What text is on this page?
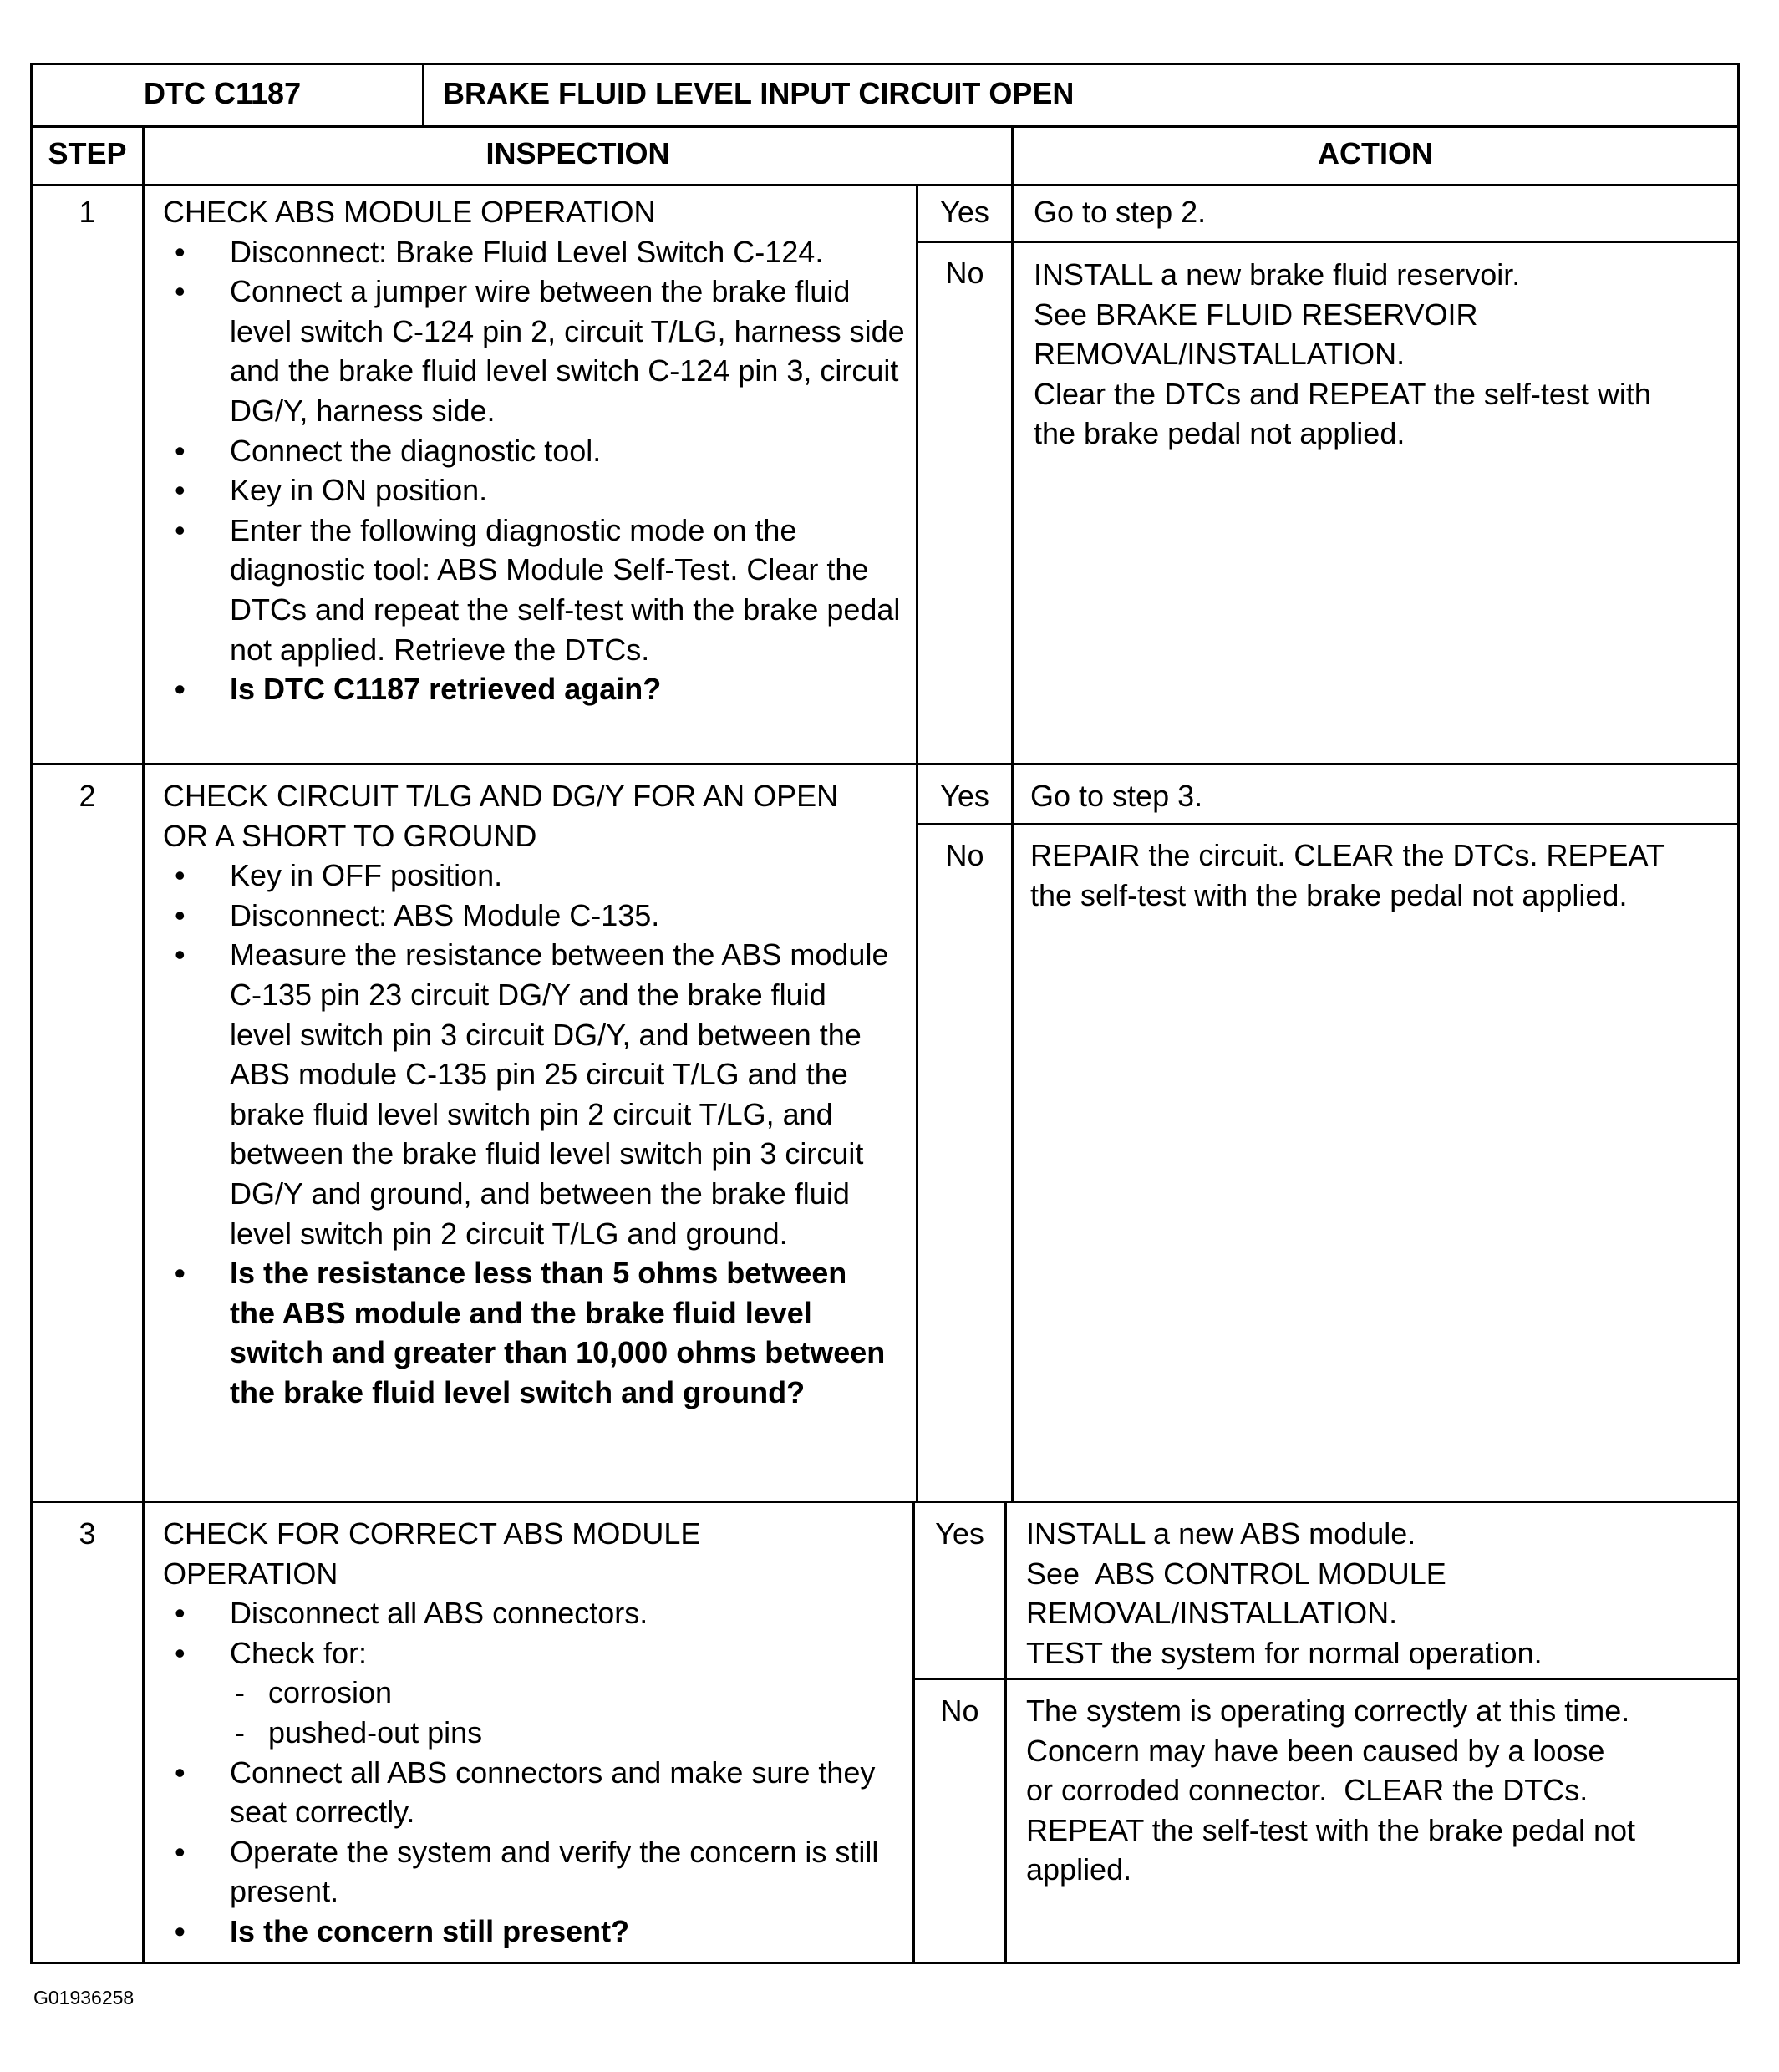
DTC C1187	BRAKE FLUID LEVEL INPUT CIRCUIT OPEN
STEP	INSPECTION	ACTION
1	CHECK ABS MODULE OPERATION
• Disconnect: Brake Fluid Level Switch C-124.
• Connect a jumper wire between the brake fluid level switch C-124 pin 2, circuit T/LG, harness side and the brake fluid level switch C-124 pin 3, circuit DG/Y, harness side.
• Connect the diagnostic tool.
• Key in ON position.
• Enter the following diagnostic mode on the diagnostic tool: ABS Module Self-Test. Clear the DTCs and repeat the self-test with the brake pedal not applied. Retrieve the DTCs.
• Is DTC C1187 retrieved again?
Yes	Go to step 2.
No	INSTALL a new brake fluid reservoir.
See BRAKE FLUID RESERVOIR
REMOVAL/INSTALLATION.
Clear the DTCs and REPEAT the self-test with
the brake pedal not applied.
2	CHECK CIRCUIT T/LG AND DG/Y FOR AN OPEN OR A SHORT TO GROUND
• Key in OFF position.
• Disconnect: ABS Module C-135.
• Measure the resistance between the ABS module C-135 pin 23 circuit DG/Y and the brake fluid level switch pin 3 circuit DG/Y, and between the ABS module C-135 pin 25 circuit T/LG and the brake fluid level switch pin 2 circuit T/LG, and between the brake fluid level switch pin 3 circuit DG/Y and ground, and between the brake fluid level switch pin 2 circuit T/LG and ground.
• Is the resistance less than 5 ohms between the ABS module and the brake fluid level switch and greater than 10,000 ohms between the brake fluid level switch and ground?
Yes	Go to step 3.
No	REPAIR the circuit. CLEAR the DTCs. REPEAT
the self-test with the brake pedal not applied.
3	CHECK FOR CORRECT ABS MODULE OPERATION
• Disconnect all ABS connectors.
• Check for:
- corrosion
- pushed-out pins
• Connect all ABS connectors and make sure they seat correctly.
• Operate the system and verify the concern is still present.
• Is the concern still present?
Yes	INSTALL a new ABS module.
See  ABS CONTROL MODULE
REMOVAL/INSTALLATION.
TEST the system for normal operation.
No	The system is operating correctly at this time.
Concern may have been caused by a loose
or corroded connector.  CLEAR the DTCs.
REPEAT the self-test with the brake pedal not
applied.
G01936258
